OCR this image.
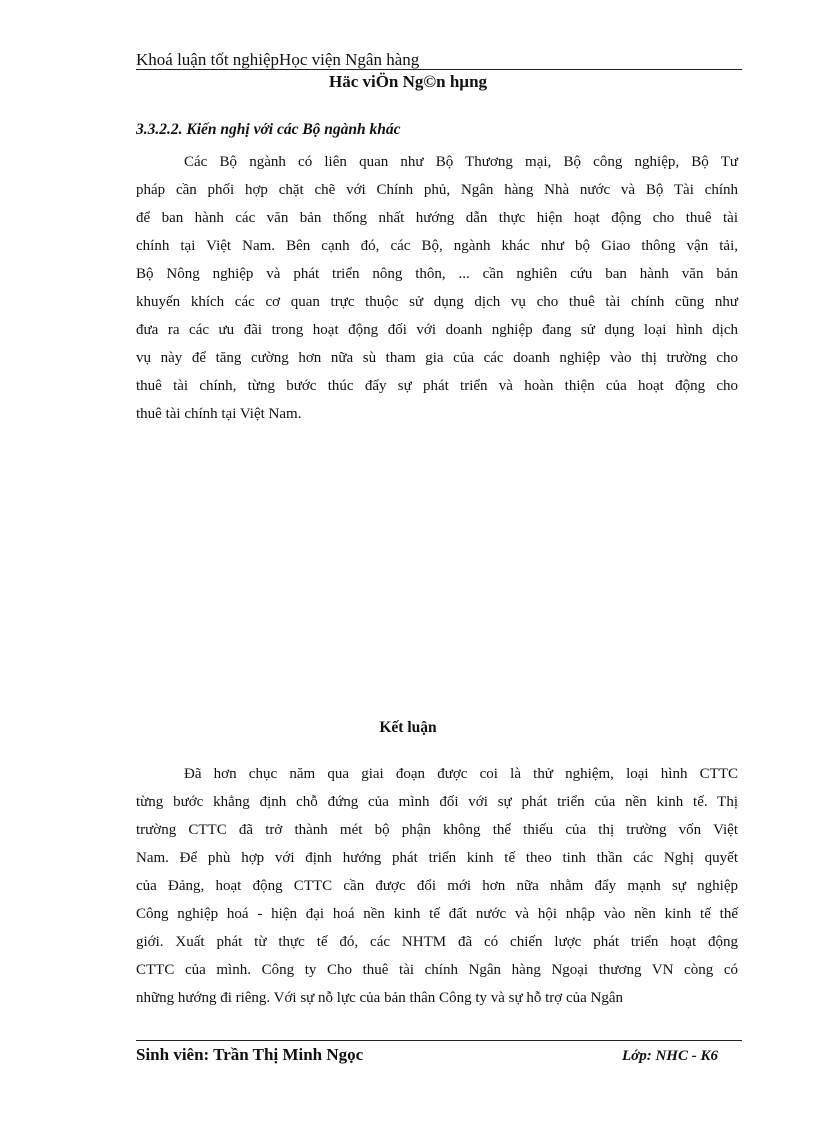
Khoá luận tốt nghiệpHọc viện Ngân hàng
Häc viÖn Ng©n hµng
3.3.2.2. Kiến nghị với các Bộ ngành khác
Các Bộ ngành có liên quan như Bộ Thương mại, Bộ công nghiệp, Bộ Tư
pháp cần phối hợp chặt chẽ với Chính phủ, Ngân hàng Nhà nước và Bộ Tài chính
để ban hành các văn bản thống nhất hướng dẫn thực hiện hoạt động cho thuê tài
chính tại Việt Nam. Bên cạnh đó, các Bộ, ngành khác như bộ Giao thông vận tải,
Bộ Nông nghiệp và phát triển nông thôn, ... cần nghiên cứu ban hành văn bản
khuyến khích các cơ quan trực thuộc sử dụng dịch vụ cho thuê tài chính cũng như
đưa ra các ưu đãi trong hoạt động đối với doanh nghiệp đang sử dụng loại hình dịch
vụ này để tăng cường hơn nữa sù tham gia của các doanh nghiệp vào thị trường cho
thuê tài chính, từng bước thúc đẩy sự phát triển và hoàn thiện của hoạt động cho
thuê tài chính tại Việt Nam.
Kết luận
Đã hơn chục năm qua giai đoạn được coi là thử nghiệm, loại hình CTTC
từng bước khẳng định chỗ đứng của mình đối với sự phát triển của nền kinh tế. Thị
trường CTTC đã trở thành mét bộ phận không thể thiếu của thị trường vốn Việt
Nam. Để phù hợp với định hướng phát triển kinh tế theo tinh thần các Nghị quyết
của Đảng, hoạt động CTTC cần được đổi mới hơn nữa nhằm đẩy mạnh sự nghiệp
Công nghiệp hoá - hiện đại hoá nền kinh tế đất nước và hội nhập vào nền kinh tế thế
giới. Xuất phát từ thực tế đó, các NHTM đã có chiến lược phát triển hoạt động
CTTC của mình. Công ty Cho thuê tài chính Ngân hàng Ngoại thương VN còng có
những hướng đi riêng. Với sự nỗ lực của bản thân Công ty và sự hỗ trợ của Ngân
Sinh viên: Trần Thị Minh Ngọc	Lớp: NHC - K6
